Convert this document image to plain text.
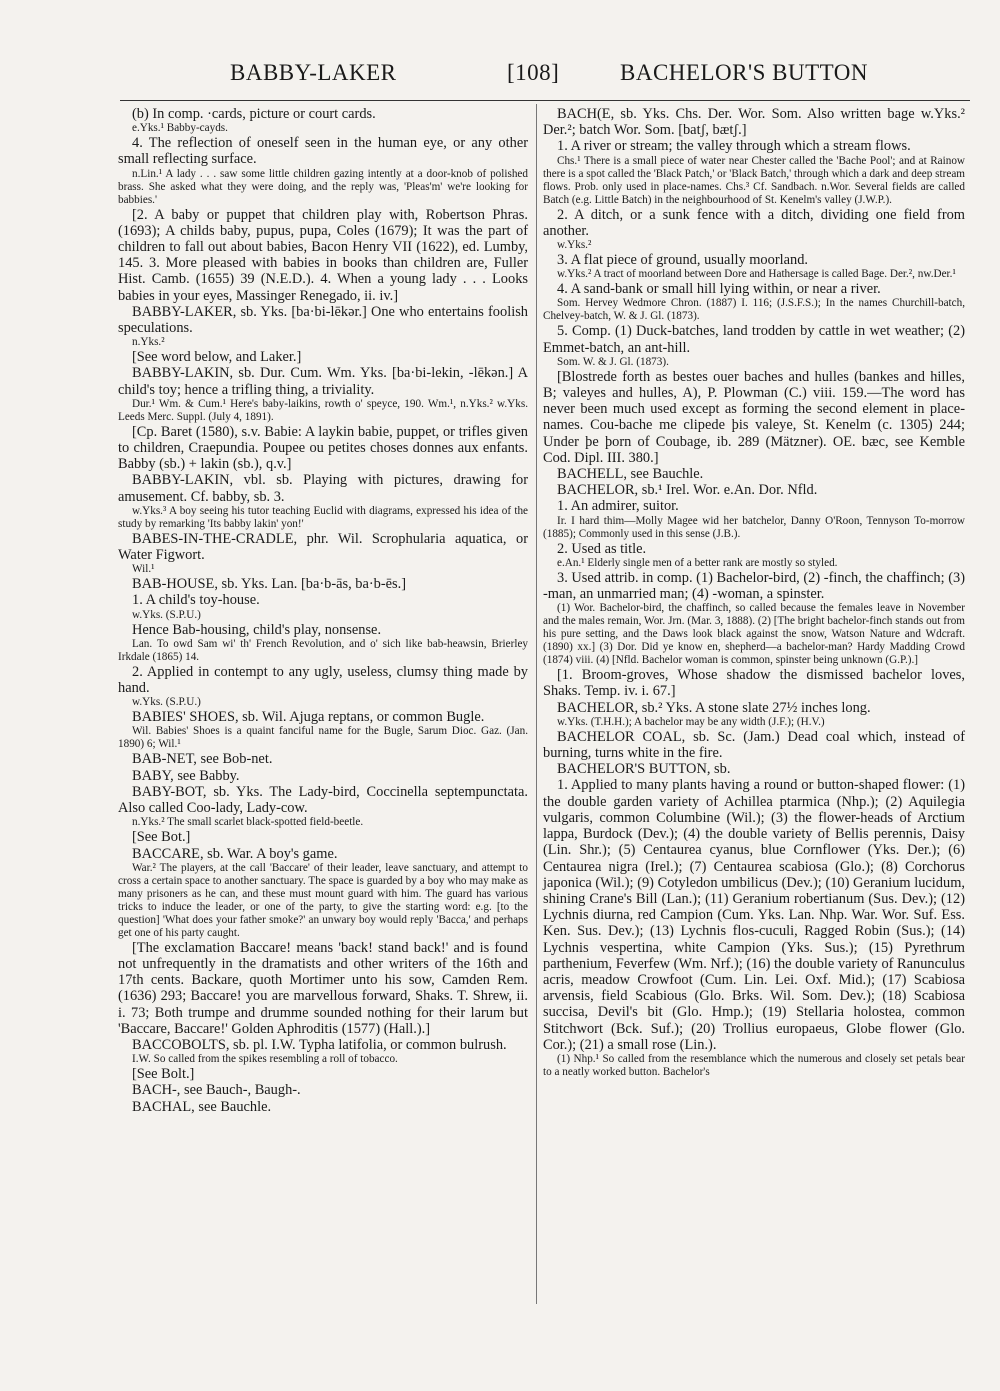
BABBY-LAKER	[108]	BACHELOR'S BUTTON
(b) In comp. ·cards, picture or court cards.
e.Yks.¹ Babby-cayds.
4. The reflection of oneself seen in the human eye, or any other small reflecting surface.
n.Lin.¹ A lady . . . saw some little children gazing intently at a door-knob of polished brass. She asked what they were doing, and the reply was, 'Pleas'm' we're looking for babbies.'
[2. A baby or puppet that children play with, Robertson Phras. (1693); A childs baby, pupus, pupa, Coles (1679); It was the part of children to fall out about babies, Bacon Henry VII (1622), ed. Lumby, 145. 3. More pleased with babies in books than children are, Fuller Hist. Camb. (1655) 39 (N.E.D.). 4. When a young lady . . . Looks babies in your eyes, Massinger Renegado, ii. iv.]
BABBY-LAKER, sb. Yks. [ba·bi-lēkər.] One who entertains foolish speculations.
n.Yks.²
[See word below, and Laker.]
BABBY-LAKIN, sb. Dur. Cum. Wm. Yks. [ba·bi-lekin, -lēkən.] A child's toy; hence a trifling thing, a triviality.
Dur.¹ Wm. & Cum.¹ Here's baby-laikins, rowth o' speyce, 190. Wm.¹, n.Yks.² w.Yks. Leeds Merc. Suppl. (July 4, 1891).
[Cp. Baret (1580), s.v. Babie: A laykin babie, puppet, or trifles given to children, Craepundia. Poupee ou petites choses donnes aux enfants. Babby (sb.) + lakin (sb.), q.v.]
BABBY-LAKIN, vbl. sb. Playing with pictures, drawing for amusement. Cf. babby, sb. 3.
w.Yks.³ A boy seeing his tutor teaching Euclid with diagrams, expressed his idea of the study by remarking 'Its babby lakin' yon!'
BABES-IN-THE-CRADLE, phr. Wil. Scrophularia aquatica, or Water Figwort.
Wil.¹
BAB-HOUSE, sb. Yks. Lan. [ba·b-ās, ba·b-ēs.]
1. A child's toy-house.
w.Yks. (S.P.U.)
Hence Bab-housing, child's play, nonsense.
Lan. To owd Sam wi' th' French Revolution, and o' sich like bab-heawsin, Brierley Irkdale (1865) 14.
2. Applied in contempt to any ugly, useless, clumsy thing made by hand.
w.Yks. (S.P.U.)
BABIES' SHOES, sb. Wil. Ajuga reptans, or common Bugle.
Wil. Babies' Shoes is a quaint fanciful name for the Bugle, Sarum Dioc. Gaz. (Jan. 1890) 6; Wil.¹
BAB-NET, see Bob-net.
BABY, see Babby.
BABY-BOT, sb. Yks. The Lady-bird, Coccinella septempunctata. Also called Coo-lady, Lady-cow.
n.Yks.² The small scarlet black-spotted field-beetle.
[See Bot.]
BACCARE, sb. War. A boy's game.
War.² The players, at the call 'Baccare' of their leader, leave sanctuary, and attempt to cross a certain space to another sanctuary. The space is guarded by a boy who may make as many prisoners as he can, and these must mount guard with him. The guard has various tricks to induce the leader, or one of the party, to give the starting word: e.g. [to the question] 'What does your father smoke?' an unwary boy would reply 'Bacca,' and perhaps get one of his party caught.
[The exclamation Baccare! means 'back! stand back!' and is found not unfrequently in the dramatists and other writers of the 16th and 17th cents. Backare, quoth Mortimer unto his sow, Camden Rem. (1636) 293; Baccare! you are marvellous forward, Shaks. T. Shrew, ii. i. 73; Both trumpe and drumme sounded nothing for their larum but 'Baccare, Baccare!' Golden Aphroditis (1577) (Hall.).]
BACCOBOLTS, sb. pl. I.W. Typha latifolia, or common bulrush.
I.W. So called from the spikes resembling a roll of tobacco.
[See Bolt.]
BACH-, see Bauch-, Baugh-.
BACHAL, see Bauchle.
BACH(E, sb. Yks. Chs. Der. Wor. Som. Also written bage w.Yks.² Der.²; batch Wor. Som. [batʃ, bætʃ.]
1. A river or stream; the valley through which a stream flows.
Chs.¹ There is a small piece of water near Chester called the 'Bache Pool'; and at Rainow there is a spot called the 'Black Patch,' or 'Black Batch,' through which a dark and deep stream flows. Prob. only used in place-names. Chs.³ Cf. Sandbach. n.Wor. Several fields are called Batch (e.g. Little Batch) in the neighbourhood of St. Kenelm's valley (J.W.P.).
2. A ditch, or a sunk fence with a ditch, dividing one field from another.
w.Yks.²
3. A flat piece of ground, usually moorland.
w.Yks.² A tract of moorland between Dore and Hathersage is called Bage. Der.², nw.Der.¹
4. A sand-bank or small hill lying within, or near a river.
Som. Hervey Wedmore Chron. (1887) I. 116; (J.S.F.S.); In the names Churchill-batch, Chelvey-batch, W. & J. Gl. (1873).
5. Comp. (1) Duck-batches, land trodden by cattle in wet weather; (2) Emmet-batch, an ant-hill.
Som. W. & J. Gl. (1873).
[Blostrede forth as bestes ouer baches and hulles (bankes and hilles, B; valeyes and hulles, A), P. Plowman (C.) viii. 159.—The word has never been much used except as forming the second element in place-names. Cou-bache me clipede þis valeye, St. Kenelm (c. 1305) 244; Under þe þorn of Coubage, ib. 289 (Mätzner). OE. bæc, see Kemble Cod. Dipl. III. 380.]
BACHELL, see Bauchle.
BACHELOR, sb.¹ Irel. Wor. e.An. Dor. Nfld.
1. An admirer, suitor.
Ir. I hard thim—Molly Magee wid her batchelor, Danny O'Roon, Tennyson To-morrow (1885); Commonly used in this sense (J.B.).
2. Used as title.
e.An.¹ Elderly single men of a better rank are mostly so styled.
3. Used attrib. in comp. (1) Bachelor-bird, (2) -finch, the chaffinch; (3) -man, an unmarried man; (4) -woman, a spinster.
(1) Wor. Bachelor-bird, the chaffinch, so called because the females leave in November and the males remain, Wor. Jrn. (Mar. 3, 1888). (2) [The bright bachelor-finch stands out from his pure setting, and the Daws look black against the snow, Watson Nature and Wdcraft. (1890) xx.] (3) Dor. Did ye know en, shepherd—a bachelor-man? Hardy Madding Crowd (1874) viii. (4) [Nfld. Bachelor woman is common, spinster being unknown (G.P.).]
[1. Broom-groves, Whose shadow the dismissed bachelor loves, Shaks. Temp. iv. i. 67.]
BACHELOR, sb.² Yks. A stone slate 27½ inches long.
w.Yks. (T.H.H.); A bachelor may be any width (J.F.); (H.V.)
BACHELOR COAL, sb. Sc. (Jam.) Dead coal which, instead of burning, turns white in the fire.
BACHELOR'S BUTTON, sb.
1. Applied to many plants having a round or button-shaped flower: (1) the double garden variety of Achillea ptarmica (Nhp.); (2) Aquilegia vulgaris, common Columbine (Wil.); (3) the flower-heads of Arctium lappa, Burdock (Dev.); (4) the double variety of Bellis perennis, Daisy (Lin. Shr.); (5) Centaurea cyanus, blue Cornflower (Yks. Der.); (6) Centaurea nigra (Irel.); (7) Centaurea scabiosa (Glo.); (8) Corchorus japonica (Wil.); (9) Cotyledon umbilicus (Dev.); (10) Geranium lucidum, shining Crane's Bill (Lan.); (11) Geranium robertianum (Sus. Dev.); (12) Lychnis diurna, red Campion (Cum. Yks. Lan. Nhp. War. Wor. Suf. Ess. Ken. Sus. Dev.); (13) Lychnis flos-cuculi, Ragged Robin (Sus.); (14) Lychnis vespertina, white Campion (Yks. Sus.); (15) Pyrethrum parthenium, Feverfew (Wm. Nrf.); (16) the double variety of Ranunculus acris, meadow Crowfoot (Cum. Lin. Lei. Oxf. Mid.); (17) Scabiosa arvensis, field Scabious (Glo. Brks. Wil. Som. Dev.); (18) Scabiosa succisa, Devil's bit (Glo. Hmp.); (19) Stellaria holostea, common Stitchwort (Bck. Suf.); (20) Trollius europaeus, Globe flower (Glo. Cor.); (21) a small rose (Lin.).
(1) Nhp.¹ So called from the resemblance which the numerous and closely set petals bear to a neatly worked button. Bachelor's
